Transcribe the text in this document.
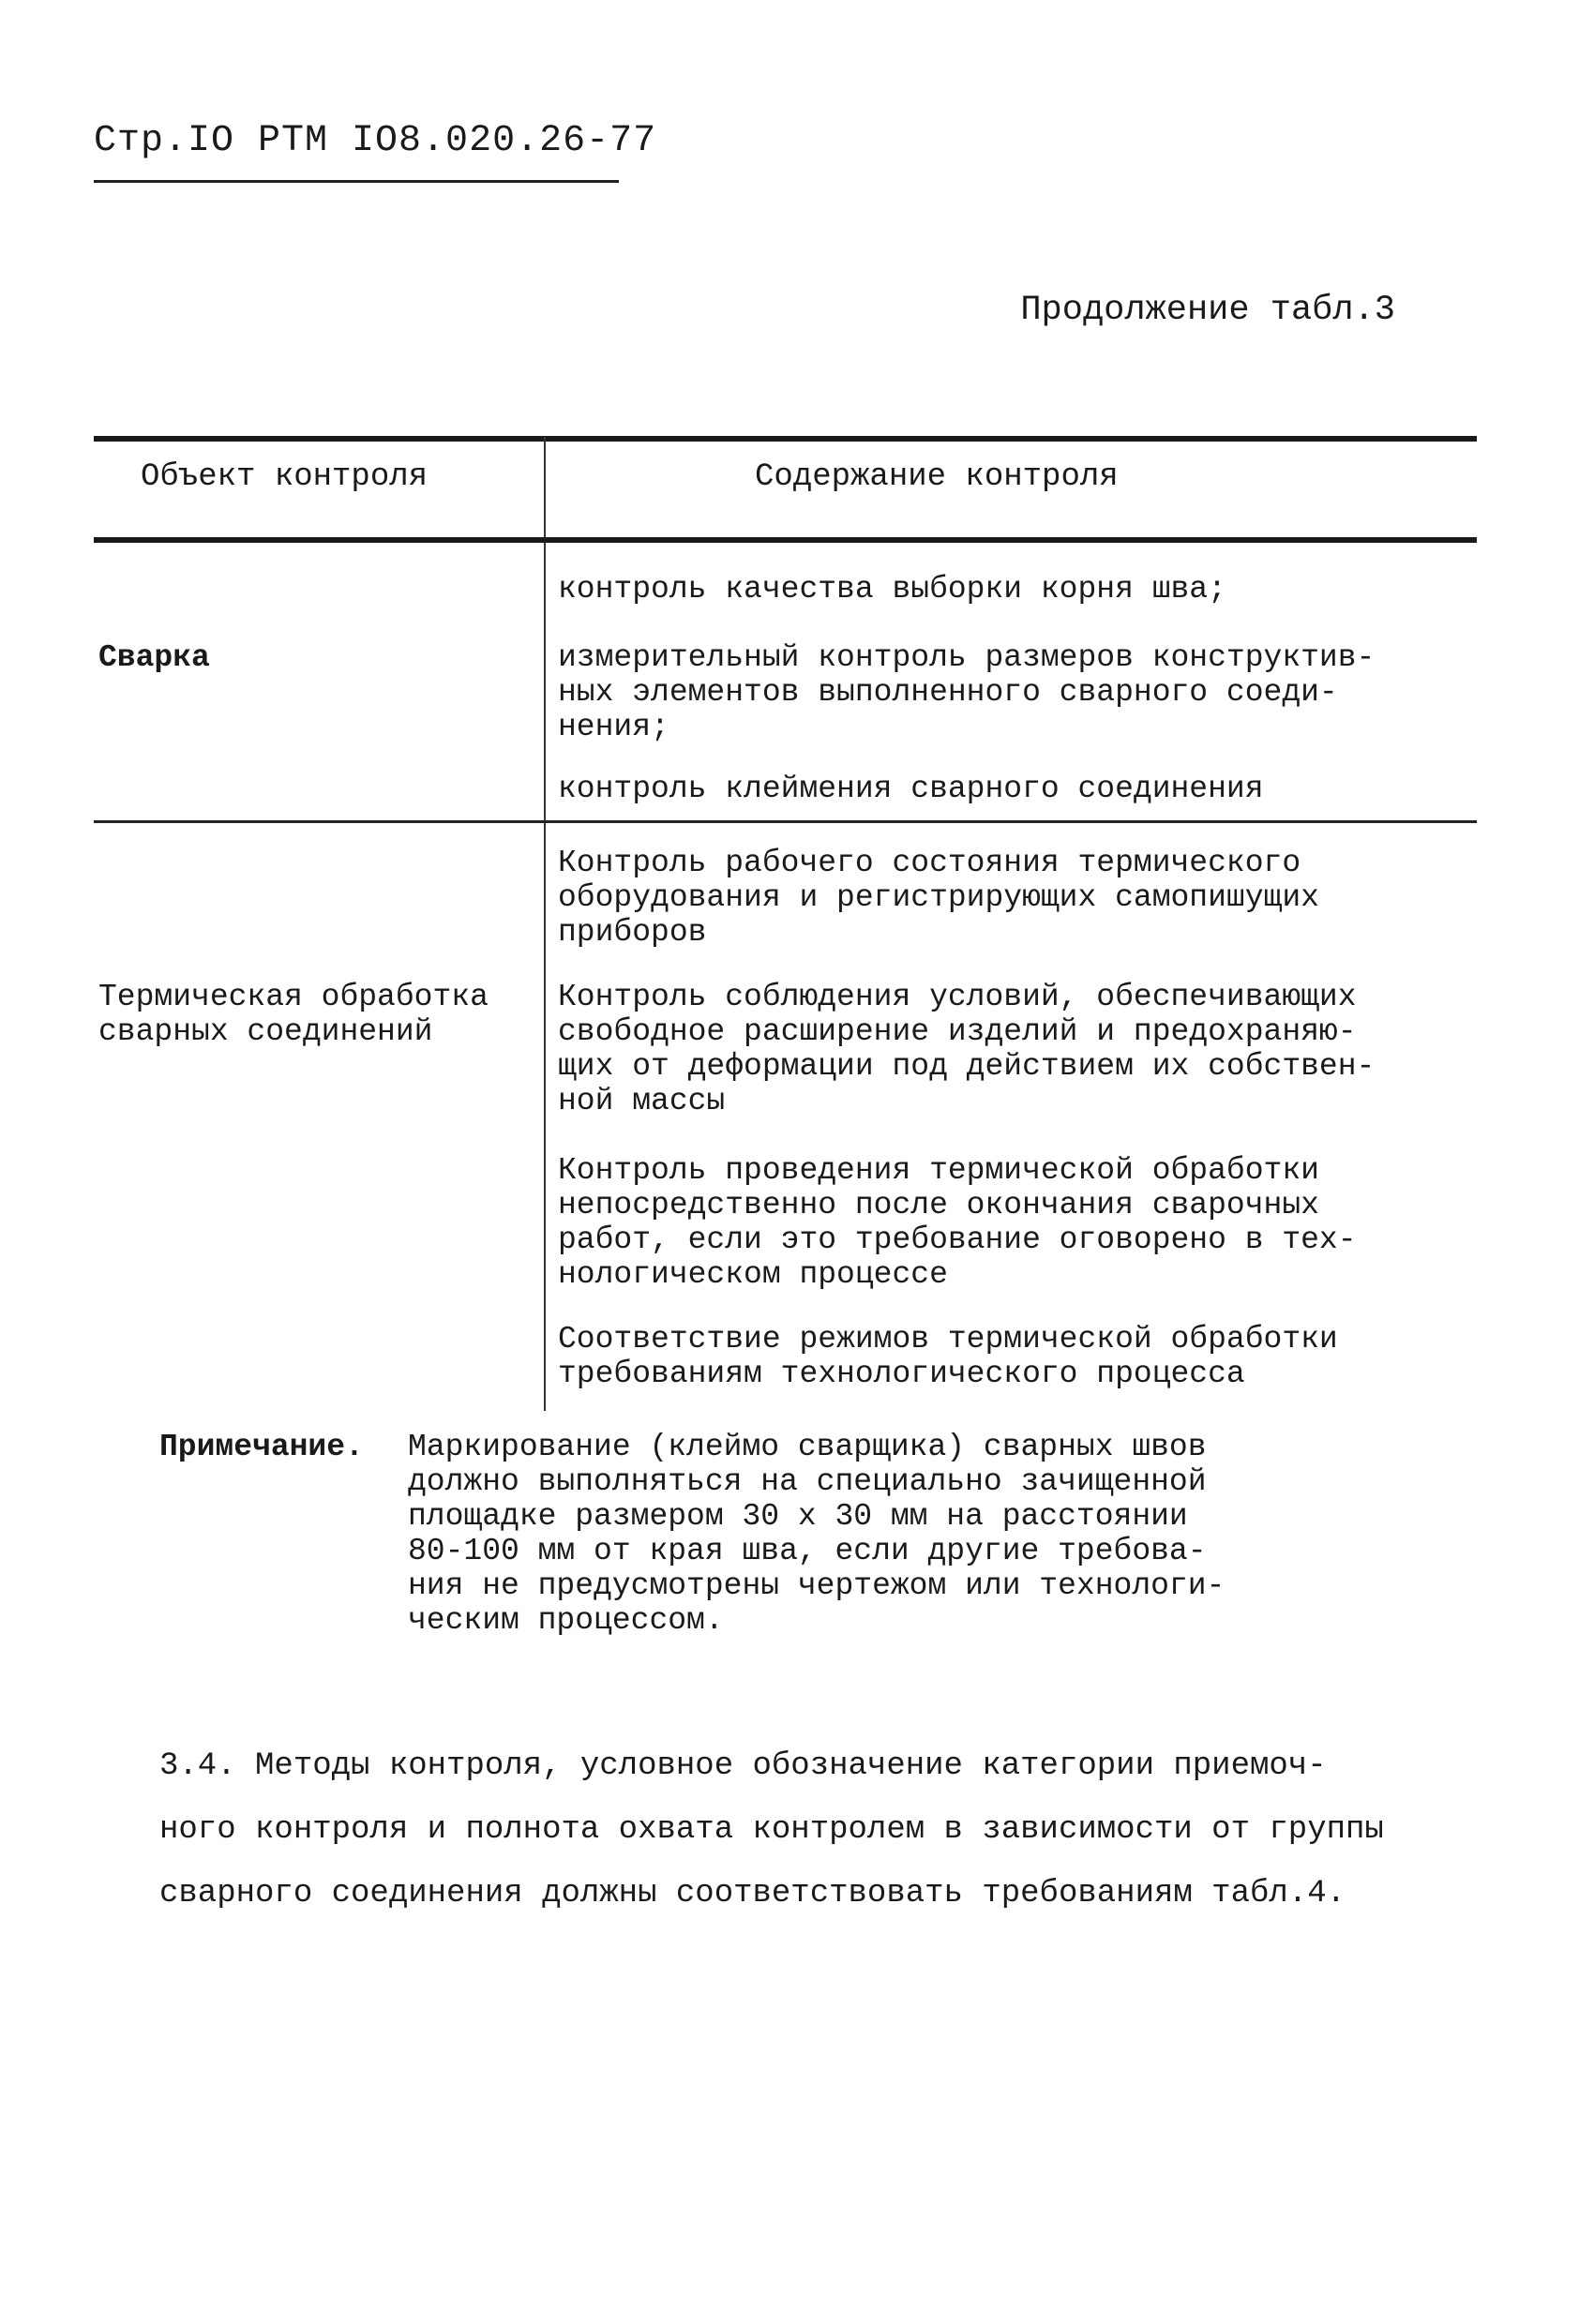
Стр.IO РТМ IO8.020.26-77
Продолжение табл.3
Объект контроля	Содержание контроля
Сварка
контроль качества выборки корня шва;
измерительный контроль размеров конструктив-
ных элементов выполненного сварного соеди-
нения;
контроль клеймения сварного соединения
Термическая обработка
сварных соединений
Контроль рабочего состояния термического
оборудования и регистрирующих самопишущих
приборов
Контроль соблюдения условий, обеспечивающих
свободное расширение изделий и предохраняю-
щих от деформации под действием их собствен-
ной массы
Контроль проведения термической обработки
непосредственно после окончания сварочных
работ, если это требование оговорено в тех-
нологическом процессе
Соответствие режимов термической обработки
требованиям технологического процесса
Примечание. Маркирование (клеймо сварщика) сварных швов
должно выполняться на специально зачищенной
площадке размером 30 х 30 мм на расстоянии
80-100 мм от края шва, если другие требова-
ния не предусмотрены чертежом или технологи-
ческим процессом.
3.4. Методы контроля, условное обозначение категории приемоч-
ного контроля и полнота охвата контролем в зависимости от группы
сварного соединения должны соответствовать требованиям табл.4.
